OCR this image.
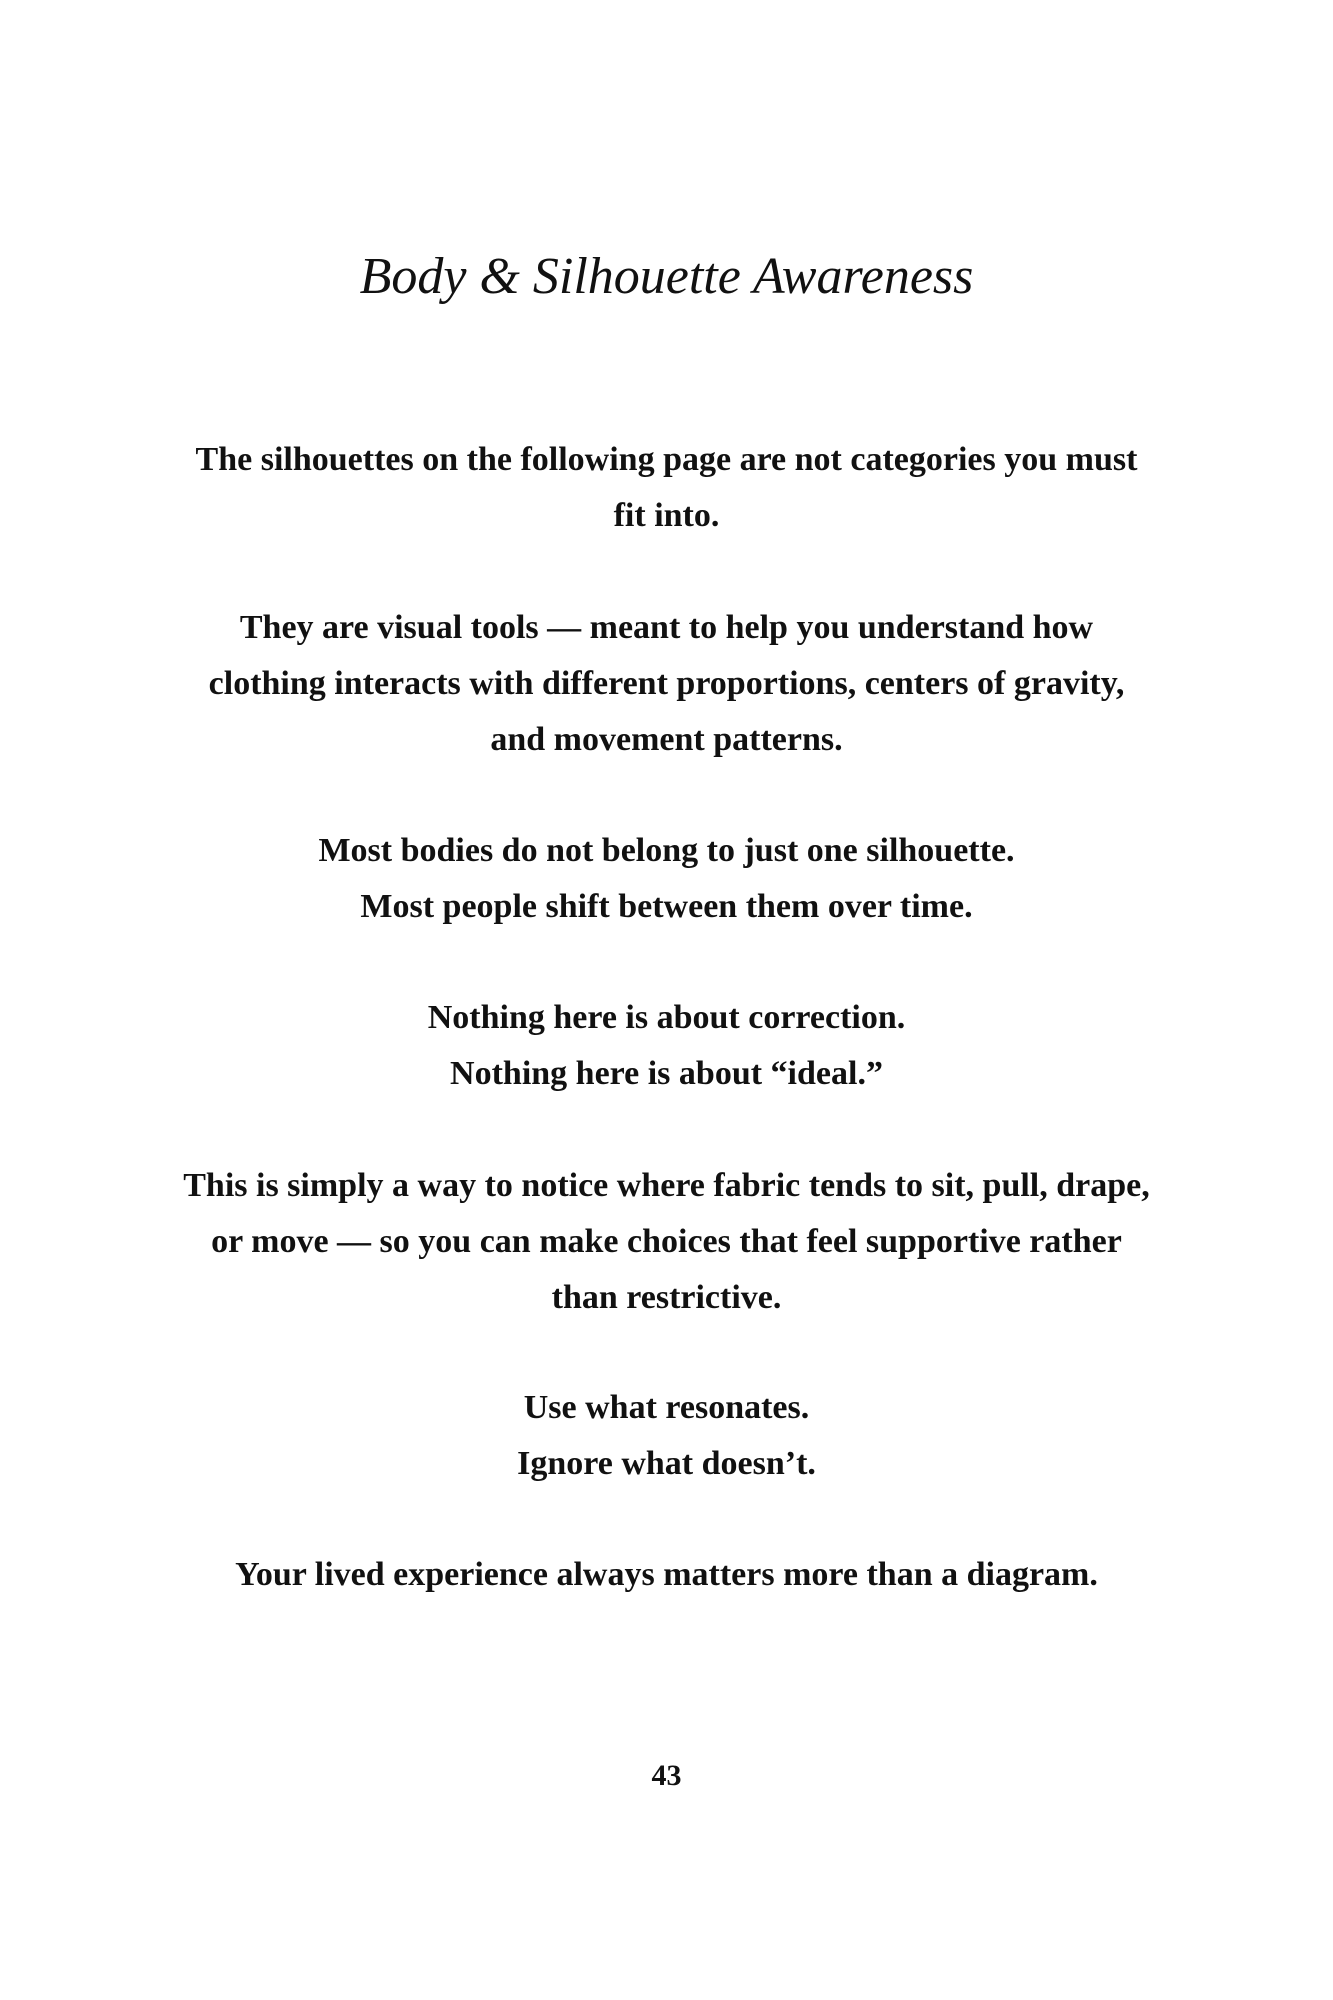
Body & Silhouette Awareness

The silhouettes on the following page are not categories you must
fit into.

They are visual tools — meant to help you understand how
clothing interacts with different proportions, centers of gravity,
and movement patterns.

Most bodies do not belong to just one silhouette.
Most people shift between them over time.

Nothing here is about correction.
Nothing here is about “ideal.”

This is simply a way to notice where fabric tends to sit, pull, drape,
or move — so you can make choices that feel supportive rather
than restrictive.

Use what resonates.
Ignore what doesn’t.

Your lived experience always matters more than a diagram.

43
